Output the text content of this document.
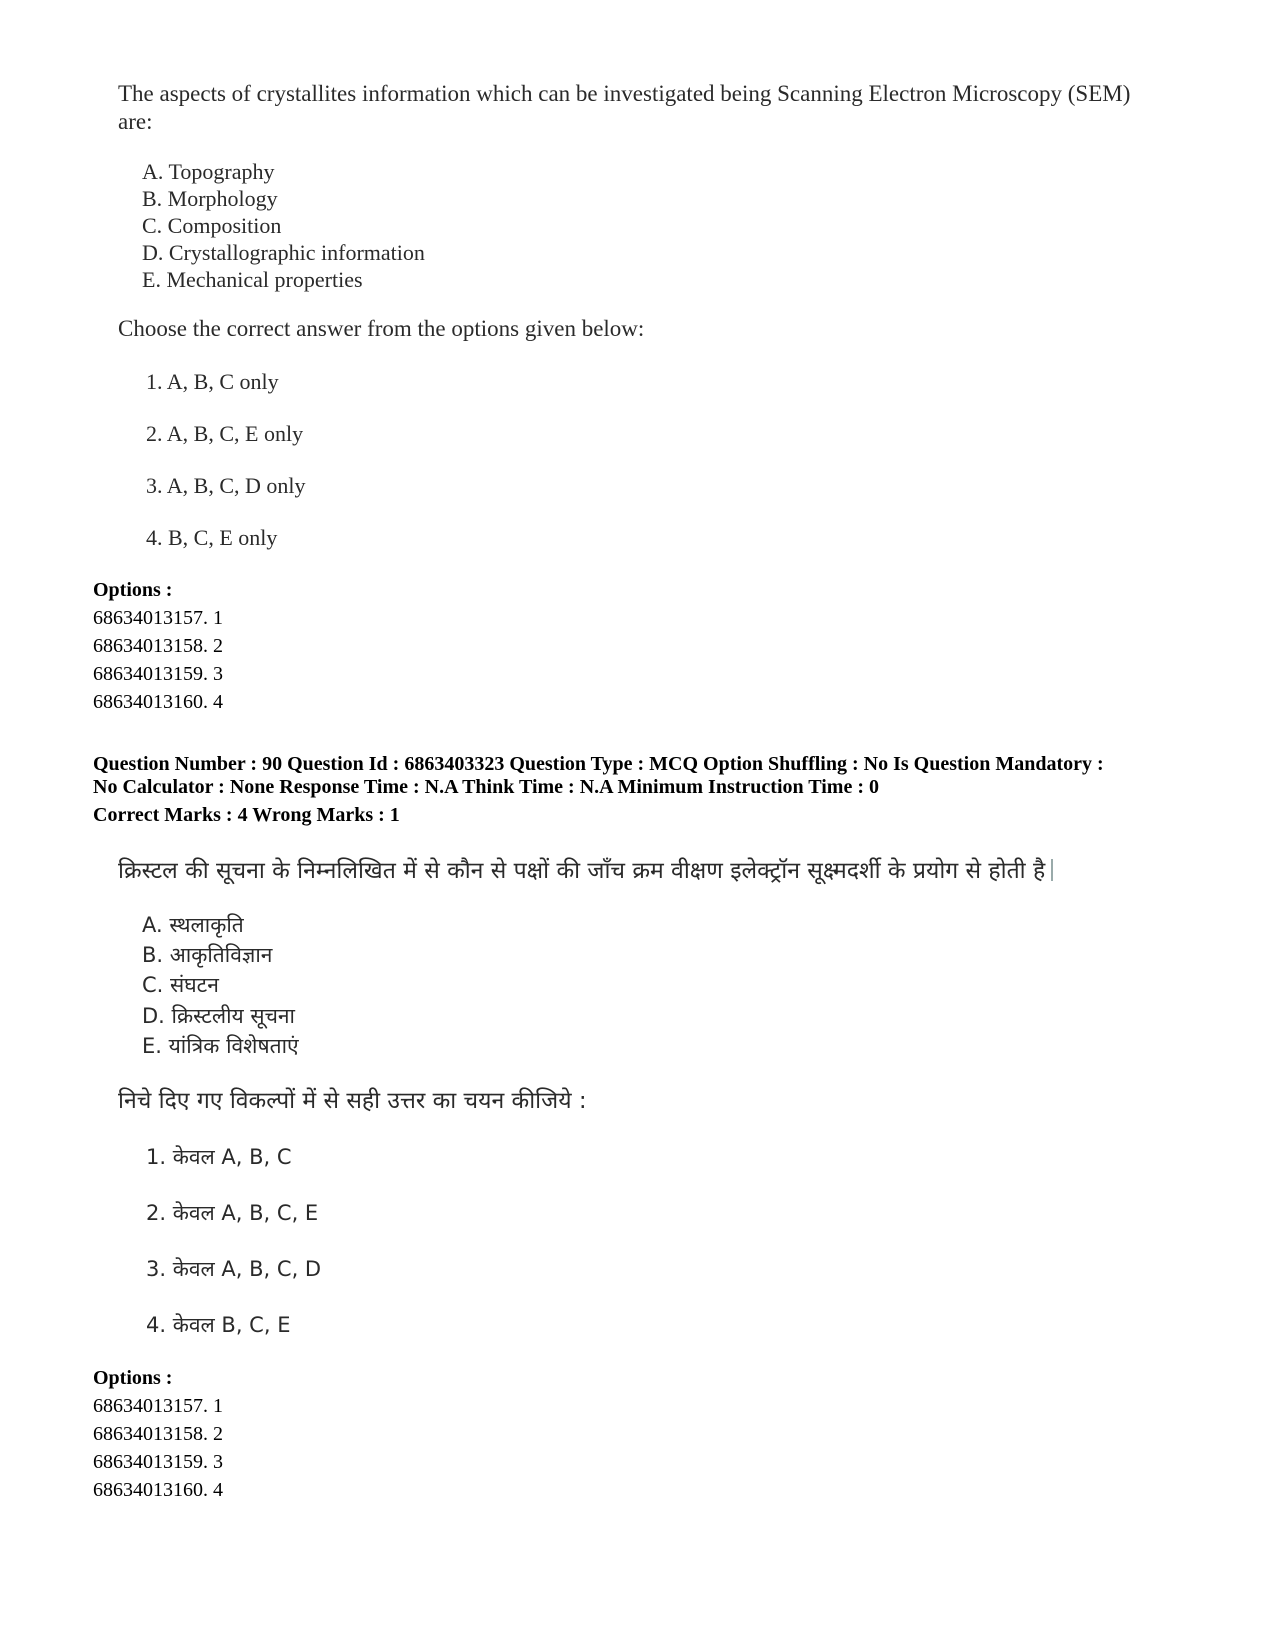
The aspects of crystallites information which can be investigated being Scanning Electron Microscopy (SEM)
are:
A. Topography
B. Morphology
C. Composition
D. Crystallographic information
E. Mechanical properties
Choose the correct answer from the options given below:
1. A, B, C only
2. A, B, C, E only
3. A, B, C, D only
4. B, C, E only
Options :
68634013157. 1
68634013158. 2
68634013159. 3
68634013160. 4
Question Number : 90 Question Id : 6863403323 Question Type : MCQ Option Shuffling : No Is Question Mandatory :
No Calculator : None Response Time : N.A Think Time : N.A Minimum Instruction Time : 0
Correct Marks : 4 Wrong Marks : 1
क्रिस्टल की सूचना के निम्नलिखित में से कौन से पक्षों की जाँच क्रम वीक्षण इलेक्ट्रॉन सूक्ष्मदर्शी के प्रयोग से होती है
A. स्थलाकृति
B. आकृतिविज्ञान
C. संघटन
D. क्रिस्टलीय सूचना
E. यांत्रिक विशेषताएं
निचे दिए गए विकल्पों में से सही उत्तर का चयन कीजिये :
1. केवल A, B, C
2. केवल A, B, C, E
3. केवल A, B, C, D
4. केवल B, C, E
Options :
68634013157. 1
68634013158. 2
68634013159. 3
68634013160. 4
